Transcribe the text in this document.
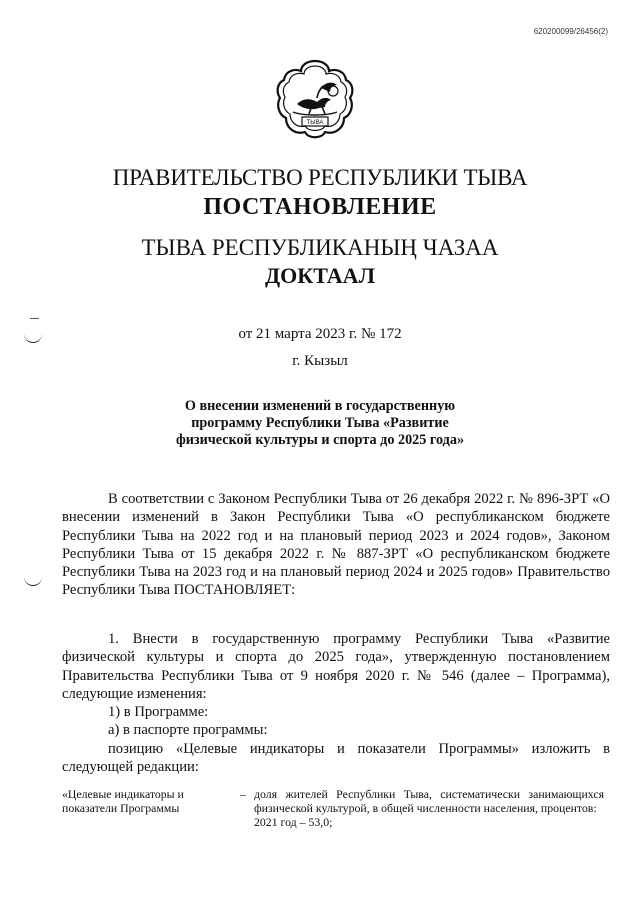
620200099/26456(2)
ТЫВА
ПРАВИТЕЛЬСТВО РЕСПУБЛИКИ ТЫВА
ПОСТАНОВЛЕНИЕ
ТЫВА РЕСПУБЛИКАНЫҢ ЧАЗАА
ДОКТААЛ
от 21 марта 2023 г. № 172
г. Кызыл
О внесении изменений в государственную
программу Республики Тыва «Развитие
физической культуры и спорта до 2025 года»

В соответствии с Законом Республики Тыва от 26 декабря 2022 г. № 896-ЗРТ «О внесении изменений в Закон Республики Тыва «О республиканском бюджете Республики Тыва на 2022 год и на плановый период 2023 и 2024 годов», Законом Республики Тыва от 15 декабря 2022 г. № 887-ЗРТ «О республиканском бюджете Республики Тыва на 2023 год и на плановый период 2024 и 2025 годов» Правительство Республики Тыва ПОСТАНОВЛЯЕТ:

1. Внести в государственную программу Республики Тыва «Развитие физической культуры и спорта до 2025 года», утвержденную постановлением Правительства Республики Тыва от 9 ноября 2020 г. № 546 (далее – Программа), следующие изменения:

1) в Программе:

а) в паспорте программы:

позицию «Целевые индикаторы и показатели Программы» изложить в следующей редакции:

«Целевые индикаторы и показатели Программы
– доля жителей Республики Тыва, систематически занимающихся физической культурой, в общей численности населения, процентов:
2021 год – 53,0;
